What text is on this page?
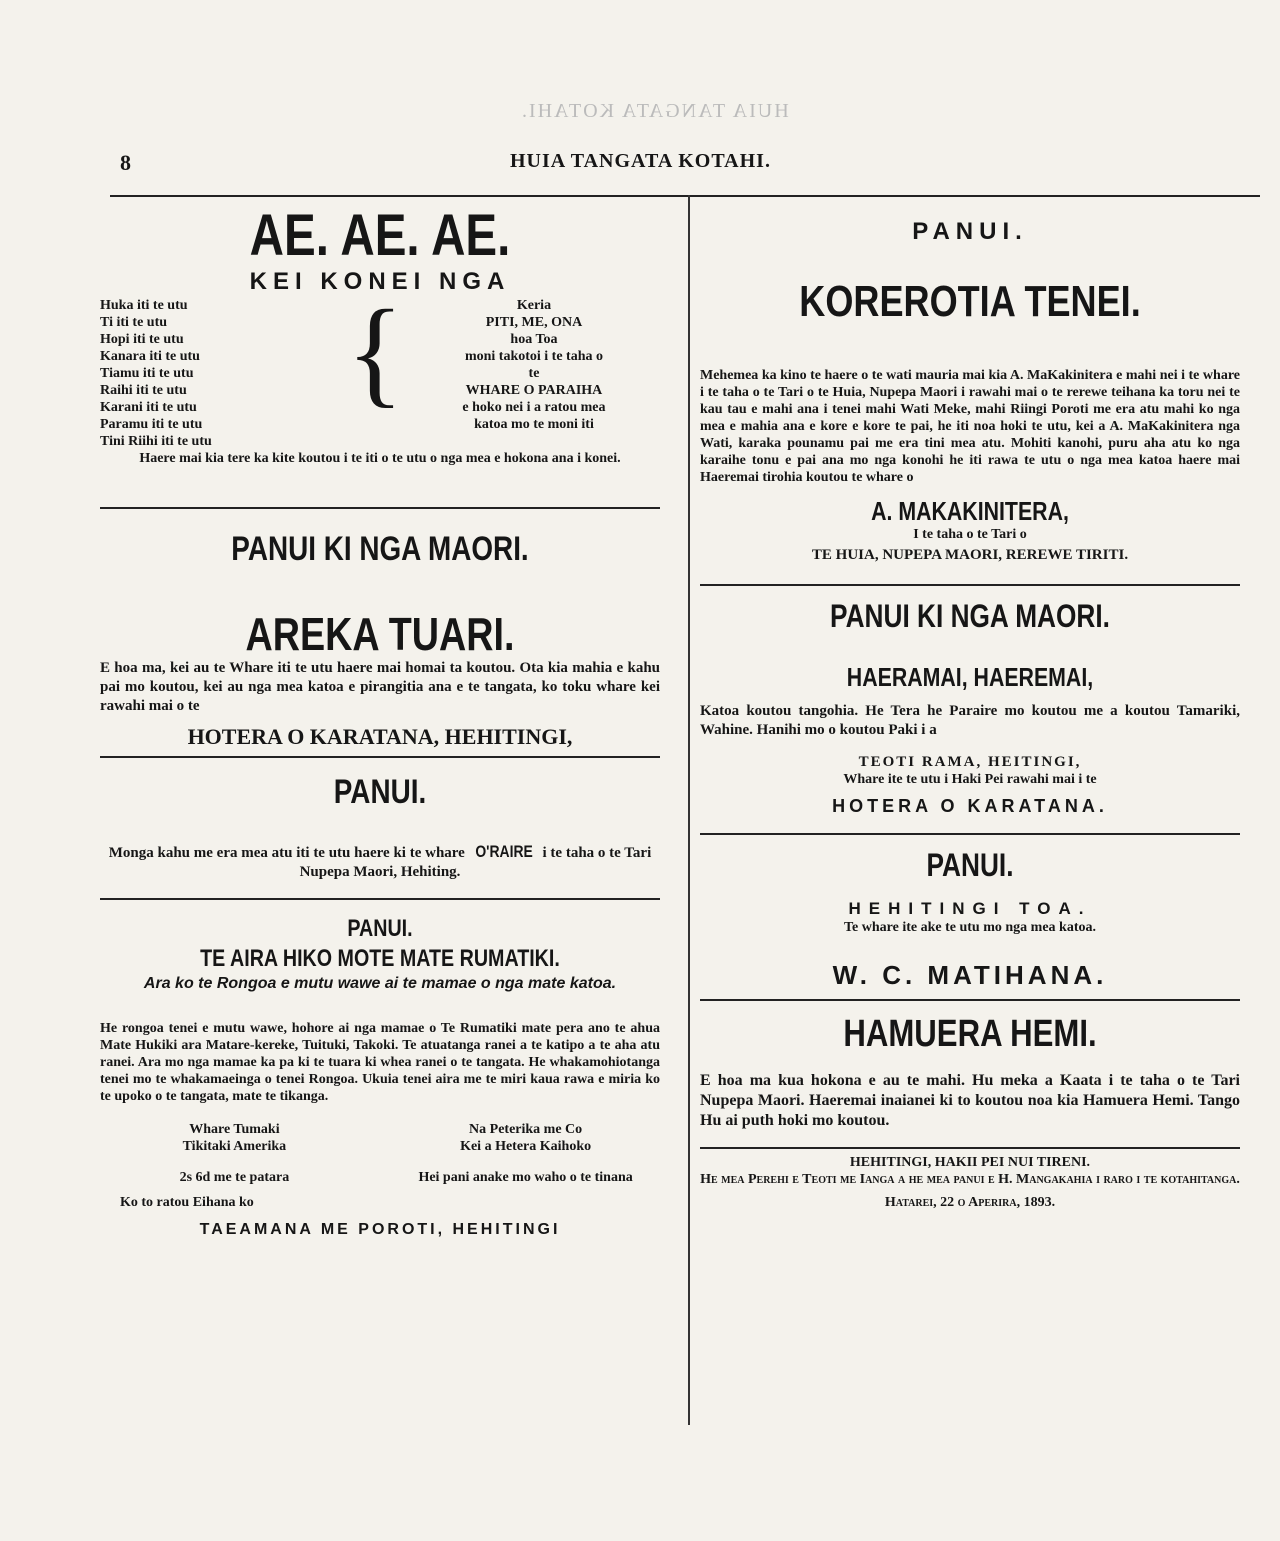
HUIA TANGATA KOTAHI.
8	HUIA TANGATA KOTAHI.
AE. AE. AE.
KEI KONEI NGA
Huka iti te utu
Ti iti te utu
Hopi iti te utu
Kanara iti te utu
Tiamu iti te utu
Raihi iti te utu
Karani iti te utu
Paramu iti te utu
Tini Riihi iti te utu
{	Keria
PITI, ME, ONA
hoa Toa
moni takotoi i te taha o
te
WHARE O PARAIHA
e hoko nei i a ratou mea
katoa mo te moni iti
Haere mai kia tere ka kite koutou i te iti o te utu o nga mea e hokona ana i konei.
PANUI KI NGA MAORI.
AREKA TUARI.
E hoa ma, kei au te Whare iti te utu haere mai homai ta koutou. Ota kia mahia e kahu pai mo koutou, kei au nga mea katoa e pirangitia ana e te tangata, ko toku whare kei rawahi mai o te
HOTERA O KARATANA, HEHITINGI,
PANUI.
Monga kahu me era mea atu iti te utu haere ki te whare O'RAIRE i te taha o te Tari Nupepa Maori, Hehiting.
PANUI.
TE AIRA HIKO MOTE MATE RUMATIKI.
Ara ko te Rongoa e mutu wawe ai te mamae o nga mate katoa.
He rongoa tenei e mutu wawe, hohore ai nga mamae o Te Rumatiki mate pera ano te ahua Mate Hukiki ara Matare-kereke, Tuituki, Takoki. Te atuatanga ranei a te katipo a te aha atu ranei. Ara mo nga mamae ka pa ki te tuara ki whea ranei o te tangata. He whakamohiotanga tenei mo te whakamaeinga o tenei Rongoa. Ukuia tenei aira me te miri kaua rawa e miria ko te upoko o te tangata, mate te tikanga.
Whare Tumaki
Tikitaki Amerika
Na Peterika me Co
Kei a Hetera Kaihoko
2s 6d me te patara	Hei pani anake mo waho o te tinana
Ko to ratou Eihana ko
TAEAMANA ME POROTI, HEHITINGI
PANUI.
KOREROTIA TENEI.
Mehemea ka kino te haere o te wati mauria mai kia A. MaKakinitera e mahi nei i te whare i te taha o te Tari o te Huia, Nupepa Maori i rawahi mai o te rerewe teihana ka toru nei te kau tau e mahi ana i tenei mahi Wati Meke, mahi Riingi Poroti me era atu mahi ko nga mea e mahia ana e kore e kore te pai, he iti noa hoki te utu, kei a A. MaKakinitera nga Wati, karaka pounamu pai me era tini mea atu. Mohiti kanohi, puru aha atu ko nga karaihe tonu e pai ana mo nga konohi he iti rawa te utu o nga mea katoa haere mai Haeremai tirohia koutou te whare o
A. MAKAKINITERA,
I te taha o te Tari o
TE HUIA, NUPEPA MAORI, REREWE TIRITI.
PANUI KI NGA MAORI.
HAERAMAI, HAEREMAI,
Katoa koutou tangohia. He Tera he Paraire mo koutou me a koutou Tamariki, Wahine. Hanihi mo o koutou Paki i a
TEOTI RAMA, HEITINGI,
Whare ite te utu i Haki Pei rawahi mai i te
HOTERA O KARATANA.
PANUI.
HEHITINGI TOA.
Te whare ite ake te utu mo nga mea katoa.
W. C. MATIHANA.
HAMUERA HEMI.
E hoa ma kua hokona e au te mahi. Hu meka a Kaata i te taha o te Tari Nupepa Maori. Haeremai inaianei ki to koutou noa kia Hamuera Hemi. Tango Hu ai puth hoki mo koutou.
HEHITINGI, HAKII PEI NUI TIRENI.
He mea Perehi e Teoti me Ianga a he mea panui e H. Mangakahia i raro i te kotahitanga.
Hatarei, 22 o Aperira, 1893.
